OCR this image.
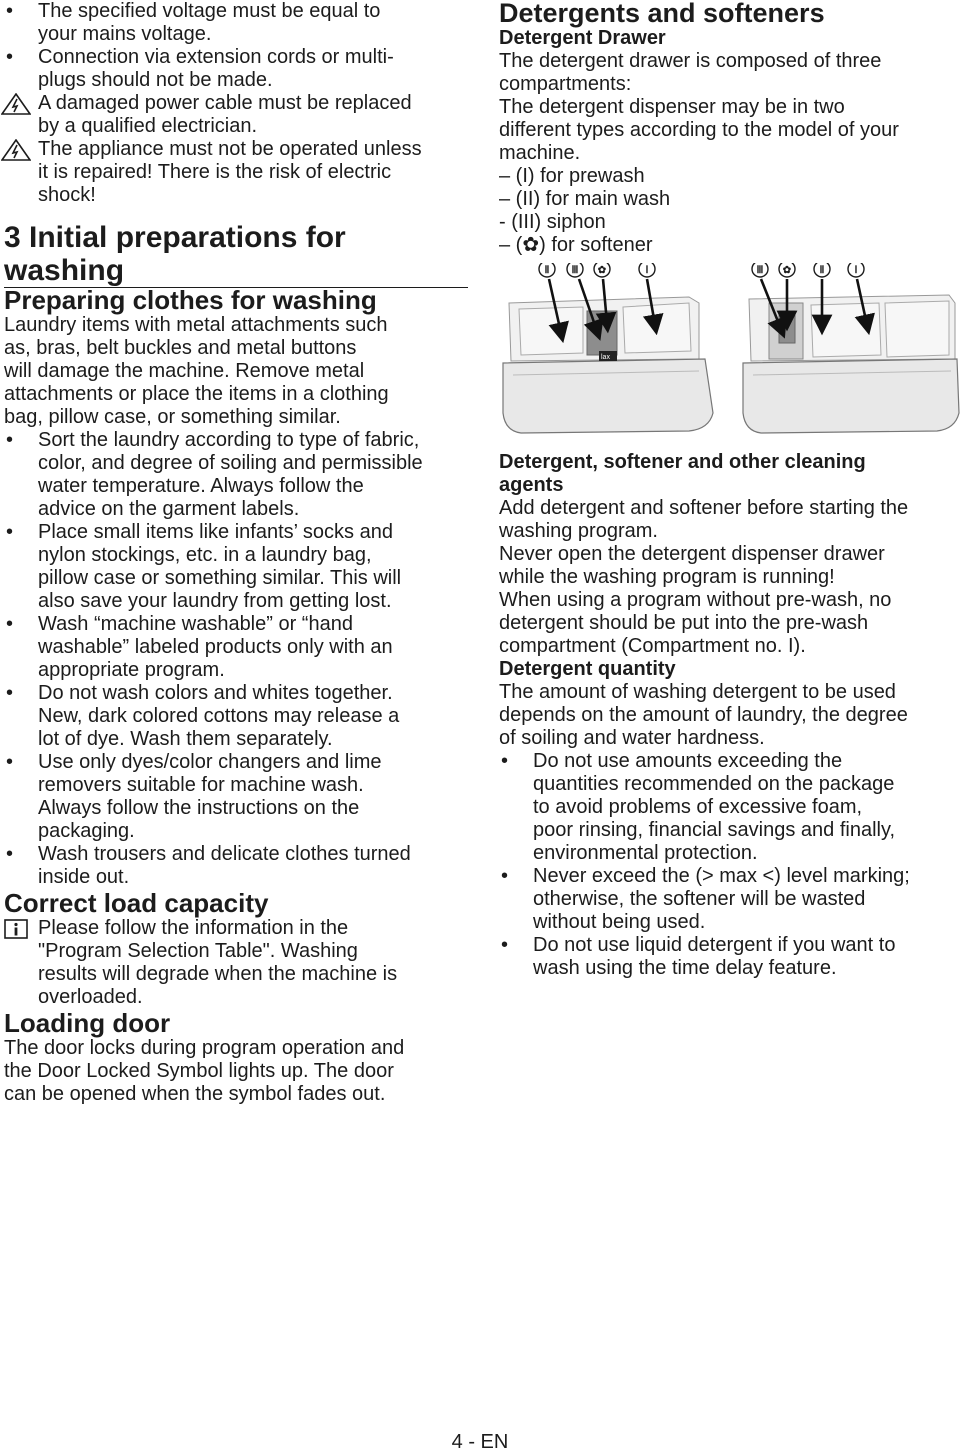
• The specified voltage must be equal to
your mains voltage.
• Connection via extension cords or multi-
plugs should not be made.
A damaged power cable must be replaced
by a qualified electrician.
The appliance must not be operated unless
it is repaired! There is the risk of electric
shock!
3 Initial preparations for
washing
Preparing clothes for washing
Laundry items with metal attachments such
as, bras, belt buckles and metal buttons
will damage the machine. Remove metal
attachments or place the items in a clothing
bag, pillow case, or something similar.
• Sort the laundry according to type of fabric,
color, and degree of soiling and permissible
water temperature. Always follow the
advice on the garment labels.
• Place small items like infants’ socks and
nylon stockings, etc. in a laundry bag,
pillow case or something similar. This will
also save your laundry from getting lost.
• Wash “machine washable” or “hand
washable” labeled products only with an
appropriate program.
• Do not wash colors and whites together.
New, dark colored cottons may release a
lot of dye. Wash them separately.
• Use only dyes/color changers and lime
removers suitable for machine wash.
Always follow the instructions on the
packaging.
• Wash trousers and delicate clothes turned
inside out.
Correct load capacity
Please follow the information in the
"Program Selection Table". Washing
results will degrade when the machine is
overloaded.
Loading door
The door locks during program operation and
the Door Locked Symbol lights up. The door
can be opened when the symbol fades out.
Detergents and softeners
Detergent Drawer
The detergent drawer is composed of three
compartments:
The detergent dispenser may be in two
different types according to the model of your
machine.
– (I) for prewash
– (II) for main wash
- (III) siphon
– (✿) for softener
lax
Ⅱ Ⅲ ✿	Ⅰ	Ⅲ ✿	Ⅱ	Ⅰ
Detergent, softener and other cleaning
agents
Add detergent and softener before starting the
washing program.
Never open the detergent dispenser drawer
while the washing program is running!
When using a program without pre-wash, no
detergent should be put into the pre-wash
compartment (Compartment no. I).
Detergent quantity
The amount of washing detergent to be used
depends on the amount of laundry, the degree
of soiling and water hardness.
• Do not use amounts exceeding the
quantities recommended on the package
to avoid problems of excessive foam,
poor rinsing, financial savings and finally,
environmental protection.
• Never exceed the (> max <) level marking;
otherwise, the softener will be wasted
without being used.
• Do not use liquid detergent if you want to
wash using the time delay feature.
4 - EN
